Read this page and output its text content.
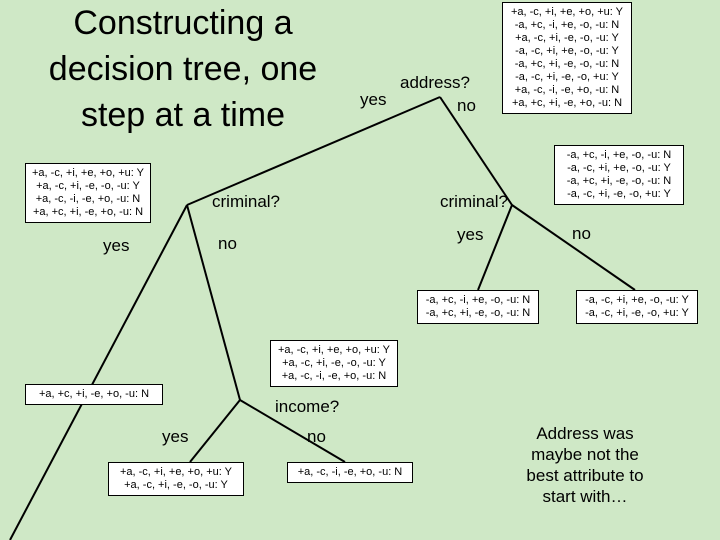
Constructing a
decision tree, one
step at a time
+a, -c, +i, +e, +o, +u: Y
-a, +c, -i, +e, -o, -u: N
+a, -c, +i, -e, -o, -u: Y
-a, -c, +i, +e, -o, -u: Y
-a, +c, +i, -e, -o, -u: N
-a, -c, +i, -e, -o, +u: Y
+a, -c, -i, -e, +o, -u: N
+a, +c, +i, -e, +o, -u: N
address?
yes	no
+a, -c, +i, +e, +o, +u: Y
+a, -c, +i, -e, -o, -u: Y
+a, -c, -i, -e, +o, -u: N
+a, +c, +i, -e, +o, -u: N
criminal?
yes	no
-a, +c, -i, +e, -o, -u: N
-a, -c, +i, +e, -o, -u: Y
-a, +c, +i, -e, -o, -u: N
-a, -c, +i, -e, -o, +u: Y
criminal?
yes	no
-a, +c, -i, +e, -o, -u: N
-a, +c, +i, -e, -o, -u: N
-a, -c, +i, +e, -o, -u: Y
-a, -c, +i, -e, -o, +u: Y
+a, -c, +i, +e, +o, +u: Y
+a, -c, +i, -e, -o, -u: Y
+a, -c, -i, -e, +o, -u: N
+a, +c, +i, -e, +o, -u: N
income?
yes	no
+a, -c, +i, +e, +o, +u: Y
+a, -c, +i, -e, -o, -u: Y
+a, -c, -i, -e, +o, -u: N
Address was
maybe not the
best attribute to
start with…
